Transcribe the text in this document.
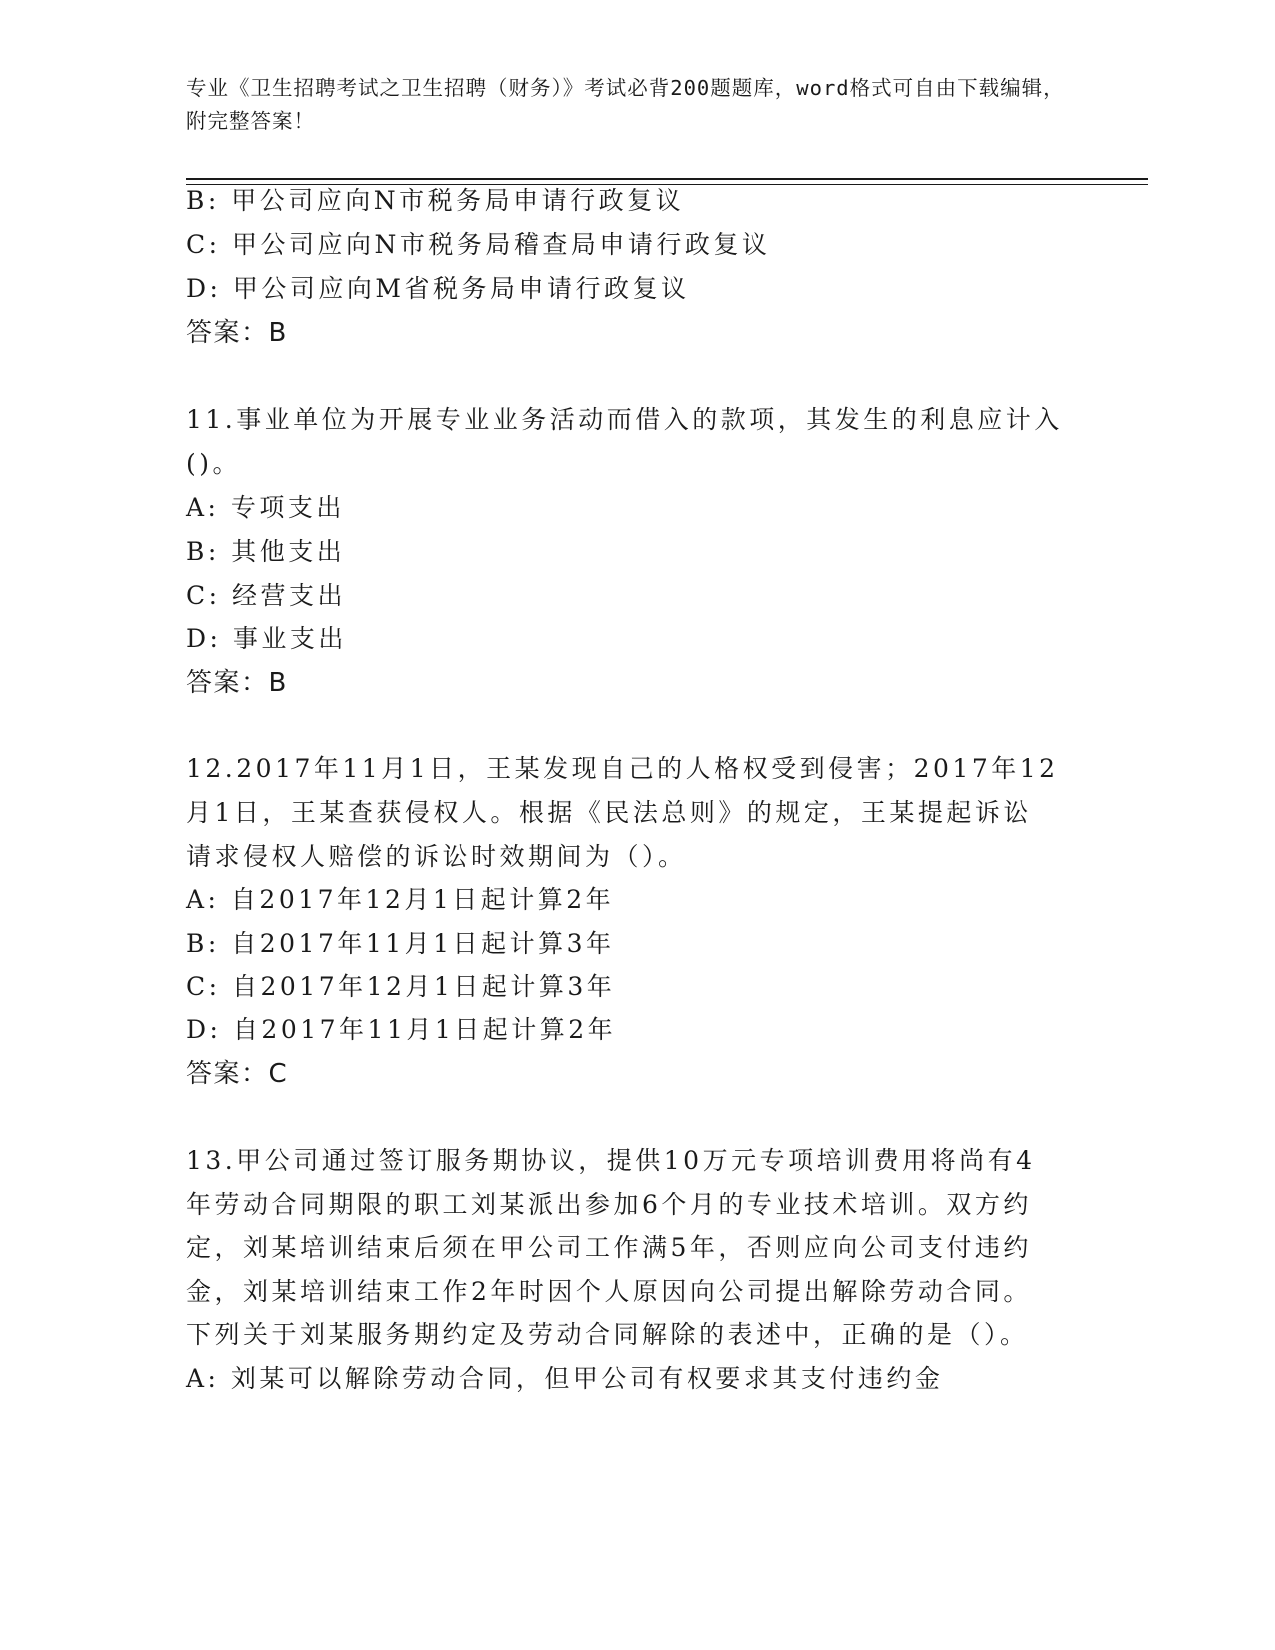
专业《卫生招聘考试之卫生招聘（财务）》考试必背200题题库，word格式可自由下载编辑，附完整答案！
B: 甲公司应向N市税务局申请行政复议
C: 甲公司应向N市税务局稽查局申请行政复议
D: 甲公司应向M省税务局申请行政复议
答案：B
11.事业单位为开展专业业务活动而借入的款项，其发生的利息应计入
()。
A: 专项支出
B: 其他支出
C: 经营支出
D: 事业支出
答案：B
12.2017年11月1日，王某发现自己的人格权受到侵害；2017年12
月1日，王某查获侵权人。根据《民法总则》的规定，王某提起诉讼
请求侵权人赔偿的诉讼时效期间为（）。
A: 自2017年12月1日起计算2年
B: 自2017年11月1日起计算3年
C: 自2017年12月1日起计算3年
D: 自2017年11月1日起计算2年
答案：C
13.甲公司通过签订服务期协议，提供10万元专项培训费用将尚有4
年劳动合同期限的职工刘某派出参加6个月的专业技术培训。双方约
定，刘某培训结束后须在甲公司工作满5年，否则应向公司支付违约
金，刘某培训结束工作2年时因个人原因向公司提出解除劳动合同。
下列关于刘某服务期约定及劳动合同解除的表述中，正确的是（）。
A: 刘某可以解除劳动合同，但甲公司有权要求其支付违约金
